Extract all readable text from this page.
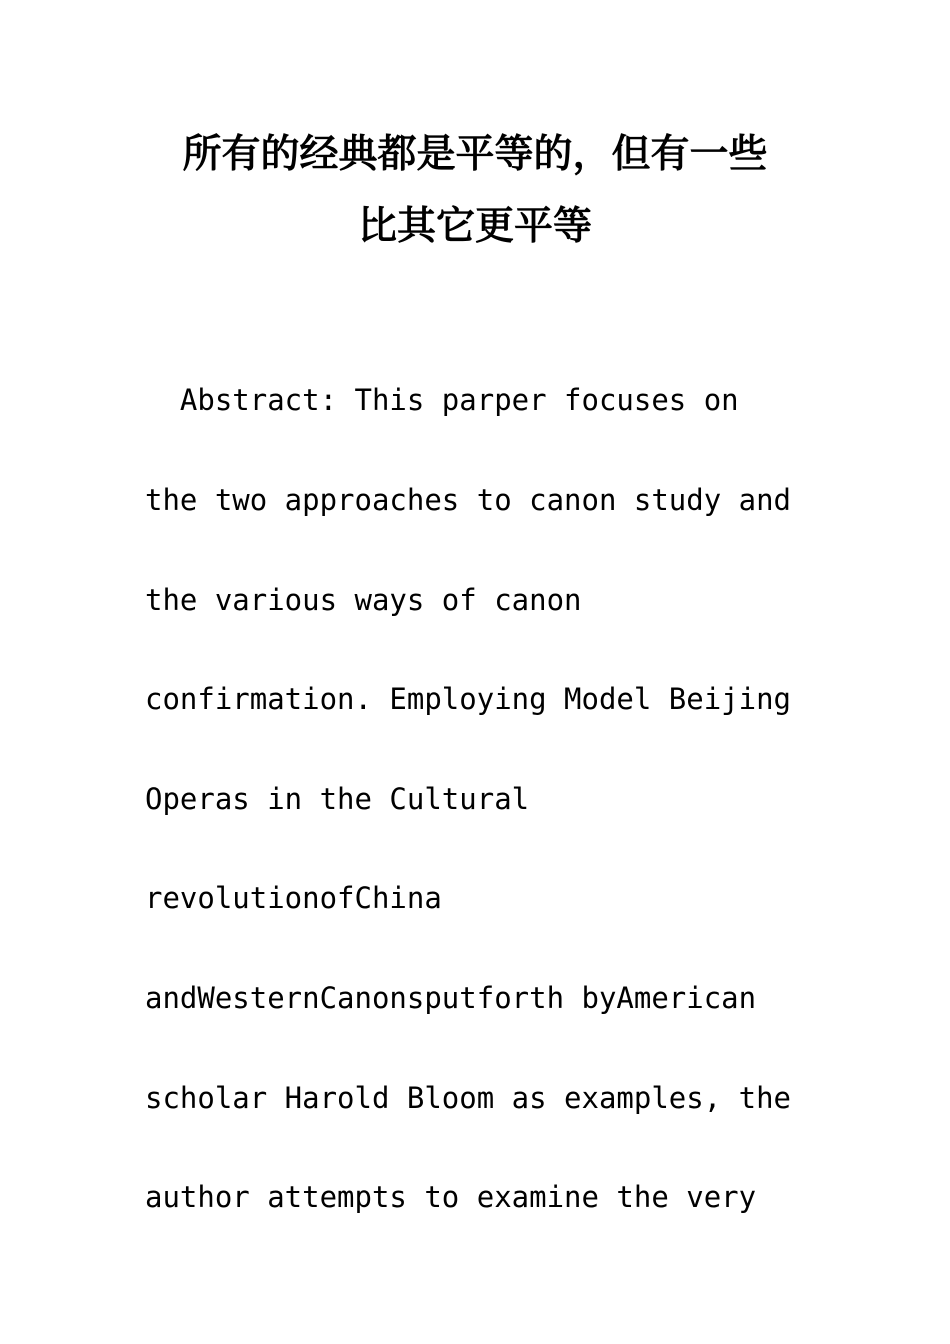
所有的经典都是平等的，但有一些
比其它更平等
Abstract: This parper focuses on
the two approaches to canon study and
the various ways of canon
confirmation. Employing Model Beijing
Operas in the Cultural
revolutionofChina
andWesternCanonsputforth byAmerican
scholar Harold Bloom as examples, the
author attempts to examine the very
